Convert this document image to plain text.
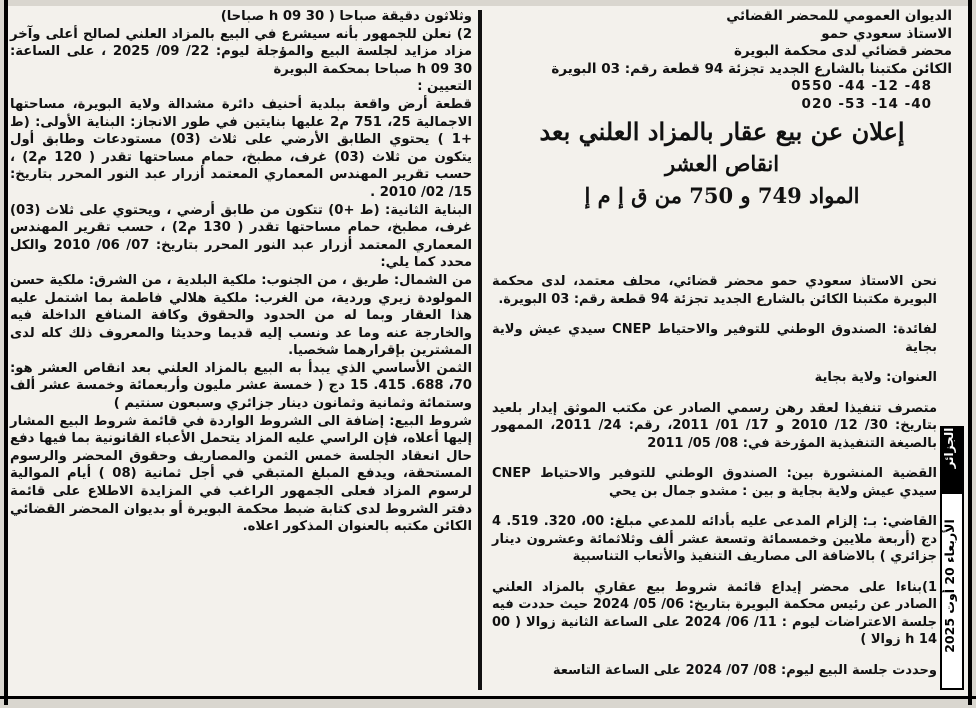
الديوان العمومي للمحضر القضائي

الاستاذ سعودي حمو

محضر قضائي لدى محكمة البويرة

الكائن مكتبنا بالشارع الجديد تجزئة 94 قطعة رقم: 03 البويرة

0550 -44 -12 -48

020 -53 -14 -40

إعلان عن بيع عقار بالمزاد العلني بعد
انقاص العشر
المواد 749 و 750 من ق إ م إ

نحن الاستاذ سعودي حمو محضر قضائي، محلف معتمد، لدى محكمة البويرة مكتبنا الكائن بالشارع الجديد تجزئة 94 قطعة رقم: 03 البويرة.

لفائدة: الصندوق الوطني للتوفير والاحتياط CNEP سيدي عيش ولاية بجاية

العنوان: ولاية بجاية

متصرف تنفيذا لعقد رهن رسمي الصادر عن مكتب الموثق إيدار بلعيد بتاريخ: 30/ 12/ 2010 و 17/ 01/ 2011، رقم: 24/ 2011، الممهور بالصيغة التنفيذية المؤرخة في: 08/ 05/ 2011

القضية المنشورة بين: الصندوق الوطني للتوفير والاحتياط CNEP سيدي عيش ولاية بجاية و بين : مشدو جمال بن يحي

القاضي: بـ: إلزام المدعى عليه بأدائه للمدعي مبلغ: 00، 320. 519. 4 دج (أربعة ملايين وخمسمائة وتسعة عشر ألف وثلاثمائة وعشرون دينار جزائري ) بالاضافة الى مصاريف التنفيذ والأتعاب التناسبية

1)بناءا على محضر إيداع قائمة شروط بيع عقاري بالمزاد العلني الصادر عن رئيس محكمة البويرة بتاريخ: 06/ 05/ 2024 حيث حددت فيه جلسة الاعتراضات ليوم : 11/ 06/ 2024 على الساعة الثانية زوالا ( 00 14 h زوالا )

وحددت جلسة البيع ليوم: 08/ 07/ 2024 على الساعة التاسعة

وثلاثون دقيقة صباحا ( 30 09 h صباحا)

2) نعلن للجمهور بأنه سيشرع في البيع بالمزاد العلني لصالح أعلى وآخر مزاد مزايد لجلسة البيع والمؤجلة ليوم: 22/ 09/ 2025 ، على الساعة: 30 09 h صباحا بمحكمة البويرة

التعيين :

قطعة أرض واقعة ببلدية أحنيف دائرة مشدالة ولاية البويرة، مساحتها الاجمالية 25، 751 م2 عليها بنايتين في طور الانجاز: البناية الأولى: (ط +1 ) يحتوي الطابق الأرضي على ثلاث (03) مستودعات وطابق أول يتكون من ثلاث (03) غرف، مطبخ، حمام مساحتها تقدر ( 120 م2) ، حسب تقرير المهندس المعماري المعتمد أزرار عبد النور المحرر بتاريخ: 15/ 02/ 2010 .

البناية الثانية: (ط +0) تتكون من طابق أرضي ، ويحتوي على ثلاث (03) غرف، مطبخ، حمام مساحتها تقدر ( 130 م2) ، حسب تقرير المهندس المعماري المعتمد أزرار عبد النور المحرر بتاريخ: 07/ 06/ 2010 والكل محدد كما يلي:

من الشمال: طريق ، من الجنوب: ملكية البلدية ، من الشرق: ملكية حسن المولودة زيري وردية، من الغرب: ملكية هلالي فاطمة بما اشتمل عليه هذا العقار وبما له من الحدود والحقوق وكافة المنافع الداخلة فيه والخارجة عنه وما عد ونسب إليه قديما وحديثا والمعروف ذلك كله لدى المشترين بإقرارهما شخصيا.

الثمن الأساسي الذي يبدأ به البيع بالمزاد العلني بعد انقاص العشر هو: 70، 688. 415. 15 دج ( خمسة عشر مليون وأربعمائة وخمسة عشر ألف وستمائة وثمانية وثمانون دينار جزائري وسبعون سنتيم )

شروط البيع: إضافة الى الشروط الواردة في قائمة شروط البيع المشار إليها أعلاه، فإن الراسي عليه المزاد يتحمل الأعباء القانونية بما فيها دفع حال انعقاد الجلسة خمس الثمن والمصاريف وحقوق المحضر والرسوم المستحقة، ويدفع المبلغ المتبقي في أجل ثمانية (08 ) أيام الموالية لرسوم المزاد فعلى الجمهور الراغب في المزايدة الاطلاع على قائمة دفتر الشروط لدى كتابة ضبط محكمة البويرة أو بديوان المحضر القضائي الكائن مكتبه بالعنوان المذكور اعلاه.

الجزائر
الأربعاء 20 أوت 2025
